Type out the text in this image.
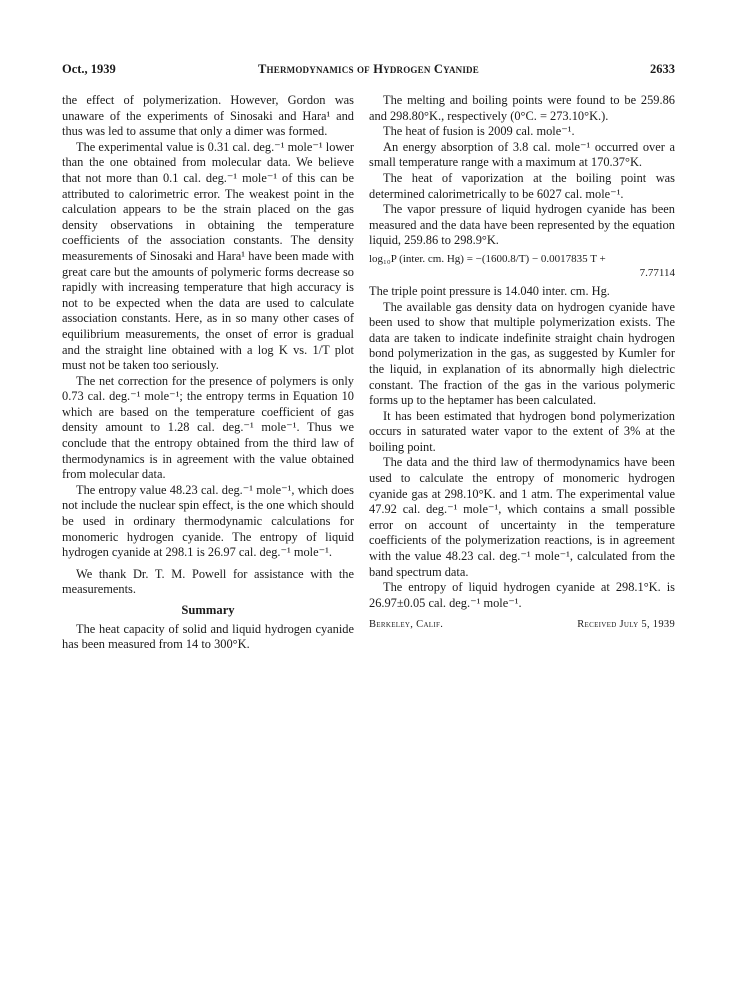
Oct., 1939	Thermodynamics of Hydrogen Cyanide	2633

the effect of polymerization. However, Gordon was unaware of the experiments of Sinosaki and Hara¹ and thus was led to assume that only a dimer was formed.

The experimental value is 0.31 cal. deg.⁻¹ mole⁻¹ lower than the one obtained from molecular data. We believe that not more than 0.1 cal. deg.⁻¹ mole⁻¹ of this can be attributed to calorimetric error. The weakest point in the calculation appears to be the strain placed on the gas density observations in obtaining the temperature coefficients of the association constants. The density measurements of Sinosaki and Hara¹ have been made with great care but the amounts of polymeric forms decrease so rapidly with increasing temperature that high accuracy is not to be expected when the data are used to calculate association constants. Here, as in so many other cases of equilibrium measurements, the onset of error is gradual and the straight line obtained with a log K vs. 1/T plot must not be taken too seriously.

The net correction for the presence of polymers is only 0.73 cal. deg.⁻¹ mole⁻¹; the entropy terms in Equation 10 which are based on the temperature coefficient of gas density amount to 1.28 cal. deg.⁻¹ mole⁻¹. Thus we conclude that the entropy obtained from the third law of thermodynamics is in agreement with the value obtained from molecular data.

The entropy value 48.23 cal. deg.⁻¹ mole⁻¹, which does not include the nuclear spin effect, is the one which should be used in ordinary thermodynamic calculations for monomeric hydrogen cyanide. The entropy of liquid hydrogen cyanide at 298.1 is 26.97 cal. deg.⁻¹ mole⁻¹.

We thank Dr. T. M. Powell for assistance with the measurements.

Summary

The heat capacity of solid and liquid hydrogen cyanide has been measured from 14 to 300°K.

The melting and boiling points were found to be 259.86 and 298.80°K., respectively (0°C. = 273.10°K.).

The heat of fusion is 2009 cal. mole⁻¹.

An energy absorption of 3.8 cal. mole⁻¹ occurred over a small temperature range with a maximum at 170.37°K.

The heat of vaporization at the boiling point was determined calorimetrically to be 6027 cal. mole⁻¹.

The vapor pressure of liquid hydrogen cyanide has been measured and the data have been represented by the equation liquid, 259.86 to 298.9°K.

log₁₀P (inter. cm. Hg) = −(1600.8/T) − 0.0017835 T +
7.77114

The triple point pressure is 14.040 inter. cm. Hg.

The available gas density data on hydrogen cyanide have been used to show that multiple polymerization exists. The data are taken to indicate indefinite straight chain hydrogen bond polymerization in the gas, as suggested by Kumler for the liquid, in explanation of its abnormally high dielectric constant. The fraction of the gas in the various polymeric forms up to the heptamer has been calculated.

It has been estimated that hydrogen bond polymerization occurs in saturated water vapor to the extent of 3% at the boiling point.

The data and the third law of thermodynamics have been used to calculate the entropy of monomeric hydrogen cyanide gas at 298.10°K. and 1 atm. The experimental value 47.92 cal. deg.⁻¹ mole⁻¹, which contains a small possible error on account of uncertainty in the temperature coefficients of the polymerization reactions, is in agreement with the value 48.23 cal. deg.⁻¹ mole⁻¹, calculated from the band spectrum data.

The entropy of liquid hydrogen cyanide at 298.1°K. is 26.97±0.05 cal. deg.⁻¹ mole⁻¹.

Berkeley, Calif.	Received July 5, 1939
